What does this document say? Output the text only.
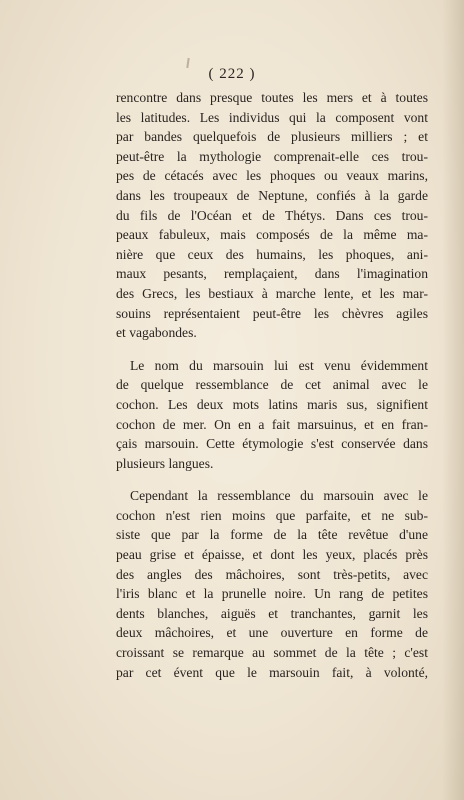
( 222 )
rencontre dans presque toutes les mers et à toutes
les latitudes. Les individus qui la composent vont
par bandes quelquefois de plusieurs milliers ; et
peut-être la mythologie comprenait-elle ces trou-
pes de cétacés avec les phoques ou veaux marins,
dans les troupeaux de Neptune, confiés à la garde
du fils de l'Océan et de Thétys. Dans ces trou-
peaux fabuleux, mais composés de la même ma-
nière que ceux des humains, les phoques, ani-
maux pesants, remplaçaient, dans l'imagination
des Grecs, les bestiaux à marche lente, et les mar-
souins représentaient peut-être les chèvres agiles
et vagabondes.
Le nom du marsouin lui est venu évidemment
de quelque ressemblance de cet animal avec le
cochon. Les deux mots latins maris sus, signifient
cochon de mer. On en a fait marsuinus, et en fran-
çais marsouin. Cette étymologie s'est conservée dans
plusieurs langues.
Cependant la ressemblance du marsouin avec le
cochon n'est rien moins que parfaite, et ne sub-
siste que par la forme de la tête revêtue d'une
peau grise et épaisse, et dont les yeux, placés près
des angles des mâchoires, sont très-petits, avec
l'iris blanc et la prunelle noire. Un rang de petites
dents blanches, aiguës et tranchantes, garnit les
deux mâchoires, et une ouverture en forme de
croissant se remarque au sommet de la tête ; c'est
par cet évent que le marsouin fait, à volonté,
